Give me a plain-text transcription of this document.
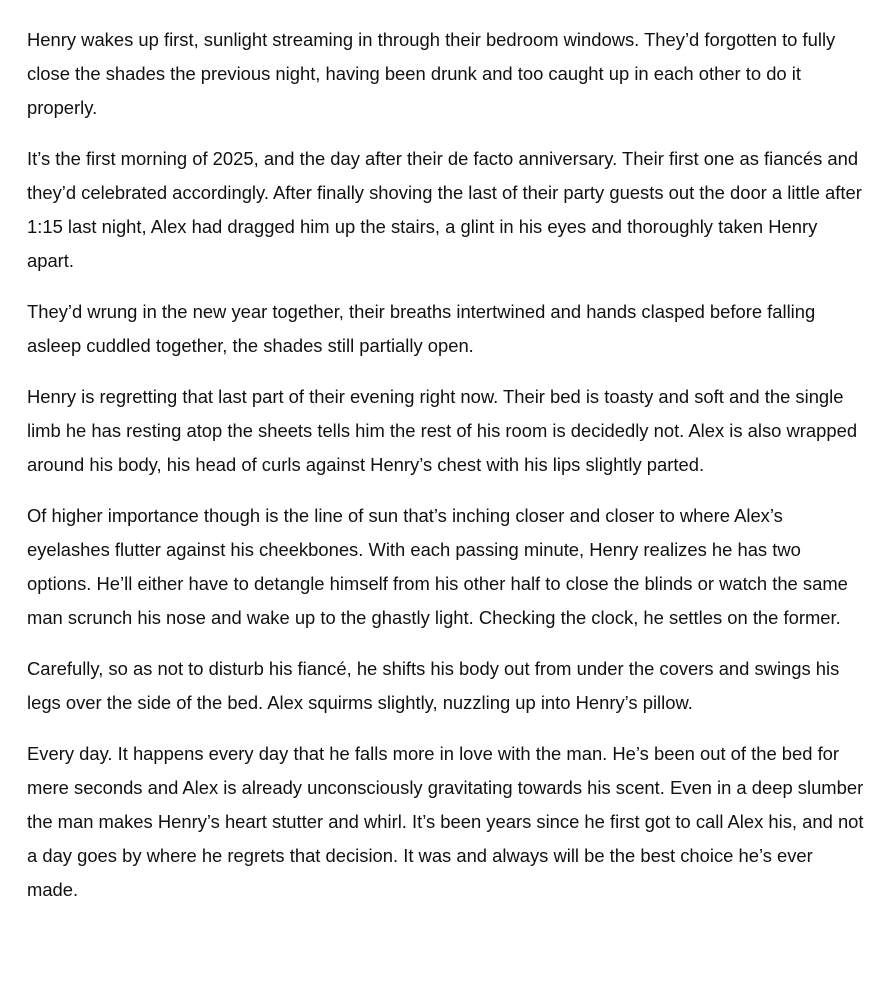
Henry wakes up first, sunlight streaming in through their bedroom windows. They’d forgotten to fully close the shades the previous night, having been drunk and too caught up in each other to do it properly.

It’s the first morning of 2025, and the day after their de facto anniversary. Their first one as fiancés and they’d celebrated accordingly. After finally shoving the last of their party guests out the door a little after 1:15 last night, Alex had dragged him up the stairs, a glint in his eyes and thoroughly taken Henry apart.

They’d wrung in the new year together, their breaths intertwined and hands clasped before falling asleep cuddled together, the shades still partially open.

Henry is regretting that last part of their evening right now. Their bed is toasty and soft and the single limb he has resting atop the sheets tells him the rest of his room is decidedly not. Alex is also wrapped around his body, his head of curls against Henry’s chest with his lips slightly parted.

Of higher importance though is the line of sun that’s inching closer and closer to where Alex’s eyelashes flutter against his cheekbones. With each passing minute, Henry realizes he has two options. He’ll either have to detangle himself from his other half to close the blinds or watch the same man scrunch his nose and wake up to the ghastly light. Checking the clock, he settles on the former.

Carefully, so as not to disturb his fiancé, he shifts his body out from under the covers and swings his legs over the side of the bed. Alex squirms slightly, nuzzling up into Henry’s pillow.

Every day. It happens every day that he falls more in love with the man. He’s been out of the bed for mere seconds and Alex is already unconsciously gravitating towards his scent. Even in a deep slumber the man makes Henry’s heart stutter and whirl. It’s been years since he first got to call Alex his, and not a day goes by where he regrets that decision. It was and always will be the best choice he’s ever made.
